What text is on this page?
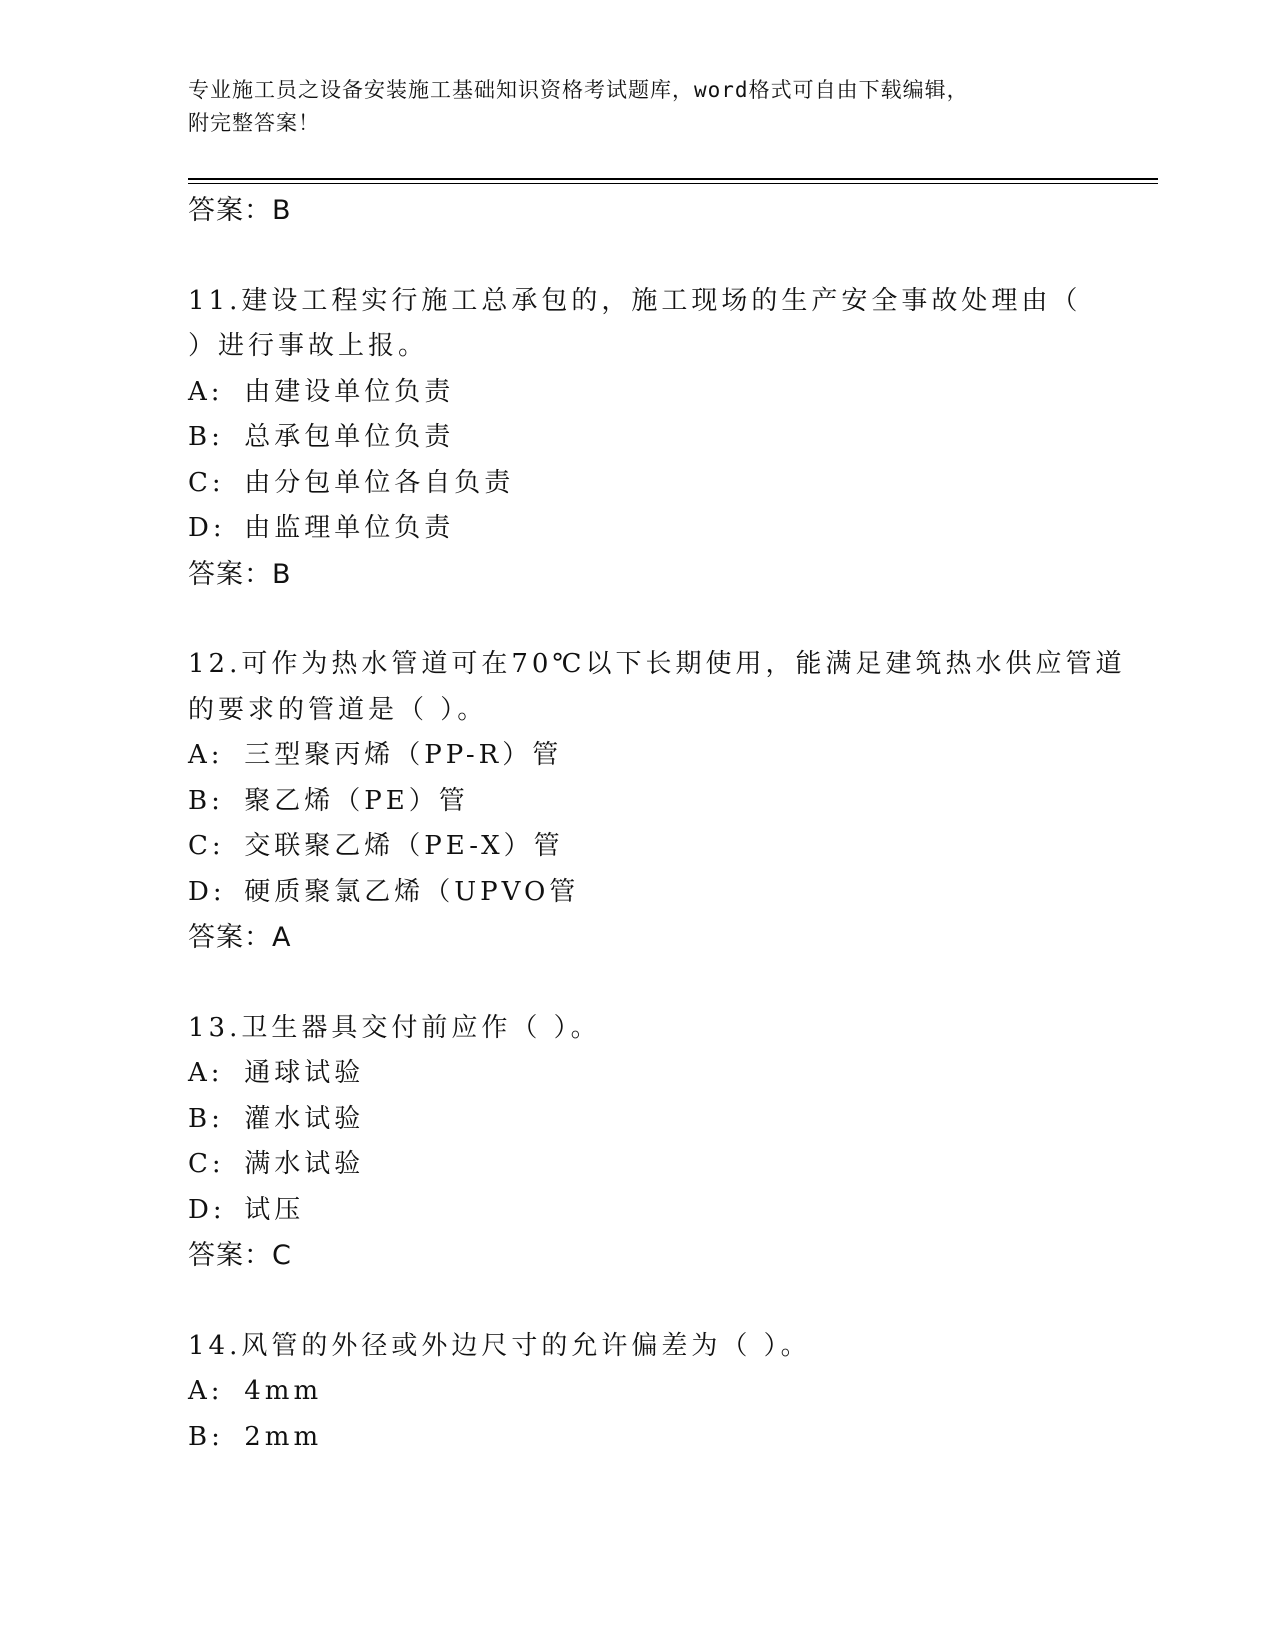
专业施工员之设备安装施工基础知识资格考试题库，word格式可自由下载编辑，
附完整答案！
答案：B
11.建设工程实行施工总承包的，施工现场的生产安全事故处理由（
）进行事故上报。
A: 由建设单位负责
B: 总承包单位负责
C: 由分包单位各自负责
D: 由监理单位负责
答案：B
12.可作为热水管道可在70℃以下长期使用，能满足建筑热水供应管道
的要求的管道是（ ）。
A: 三型聚丙烯（PP-R）管
B: 聚乙烯（PE）管
C: 交联聚乙烯（PE-X）管
D: 硬质聚氯乙烯（UPVO管
答案：A
13.卫生器具交付前应作（ ）。
A: 通球试验
B: 灌水试验
C: 满水试验
D: 试压
答案：C
14.风管的外径或外边尺寸的允许偏差为（ ）。
A: 4mm
B: 2mm
